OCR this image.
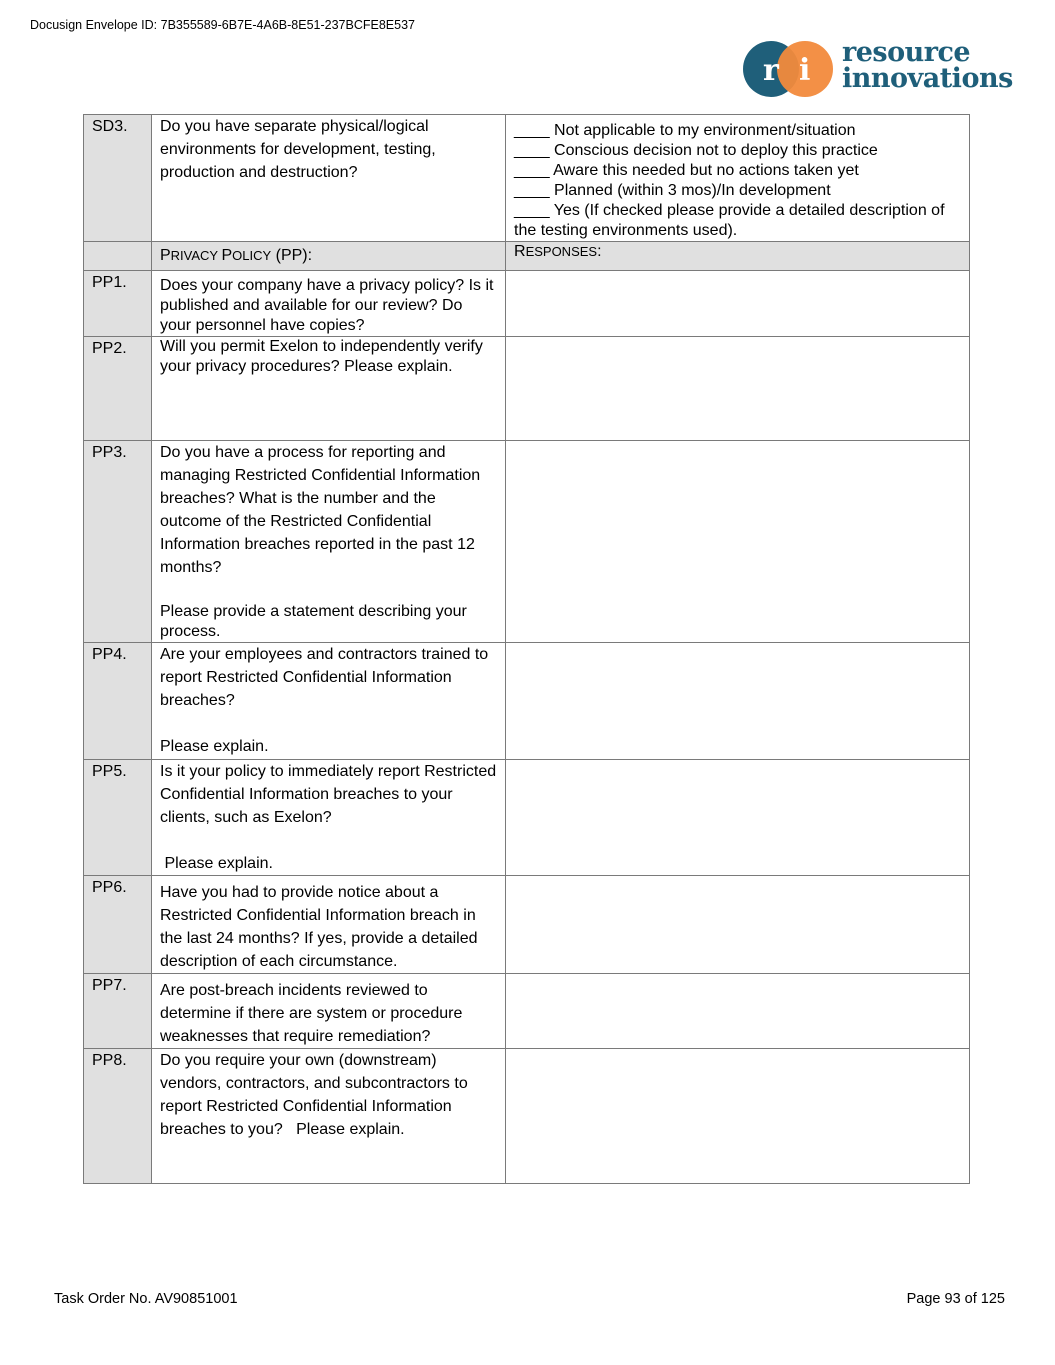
Docusign Envelope ID: 7B355589-6B7E-4A6B-8E51-237BCFE8E537
r i
resource
innovations
SD3.	Do you have separate physical/logical environments for development, testing, production and destruction?	____ Not applicable to my environment/situation
____ Conscious decision not to deploy this practice
____ Aware this needed but no actions taken yet
____ Planned (within 3 mos)/In development
____ Yes (If checked please provide a detailed description of the testing environments used).

	PRIVACY POLICY (PP):	RESPONSES:
PP1.	Does your company have a privacy policy? Is it published and available for our review? Do your personnel have copies?	
PP2.	Will you permit Exelon to independently verify your privacy procedures? Please explain.	
PP3.	Do you have a process for reporting and managing Restricted Confidential Information breaches? What is the number and the outcome of the Restricted Confidential Information breaches reported in the past 12 months?
Please provide a statement describing your process.	

PP4.	Are your employees and contractors trained to report Restricted Confidential Information breaches?
Please explain.	
PP5.	Is it your policy to immediately report Restricted Confidential Information breaches to your clients, such as Exelon?
Please explain.	
PP6.	Have you had to provide notice about a Restricted Confidential Information breach in the last 24 months? If yes, provide a detailed description of each circumstance.	
PP7.	Are post-breach incidents reviewed to determine if there are system or procedure weaknesses that require remediation?	
PP8.	Do you require your own (downstream) vendors, contractors, and subcontractors to report Restricted Confidential Information breaches to you?   Please explain.	
Task Order No. AV90851001	Page 93 of 125
